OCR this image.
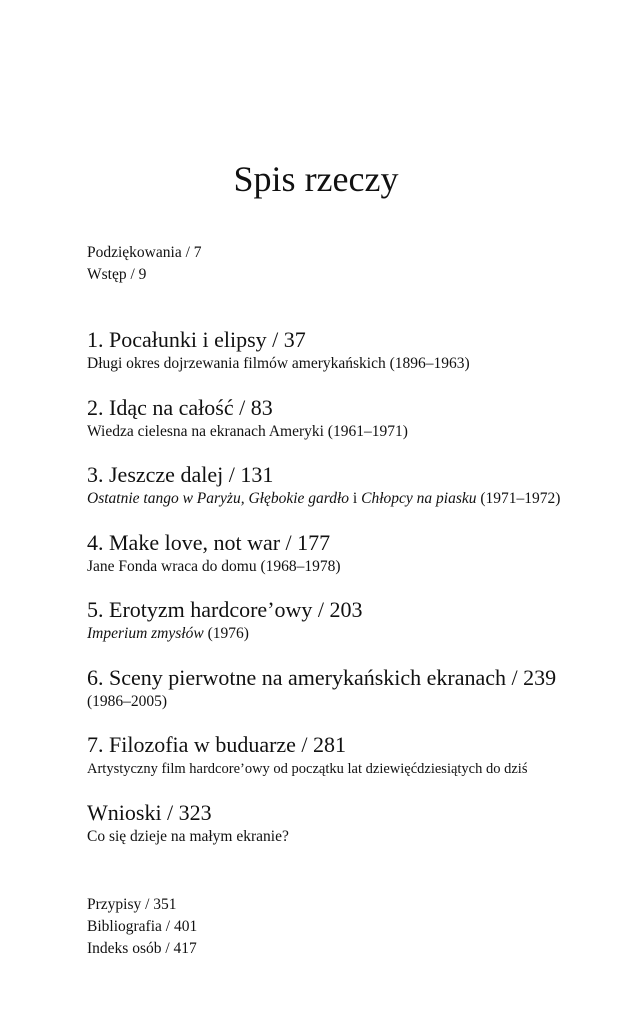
Spis rzeczy
Podziękowania / 7
Wstęp / 9
1. Pocałunki i elipsy / 37
Długi okres dojrzewania filmów amerykańskich (1896–1963)
2. Idąc na całość / 83
Wiedza cielesna na ekranach Ameryki (1961–1971)
3. Jeszcze dalej / 131
Ostatnie tango w Paryżu, Głębokie gardło i Chłopcy na piasku (1971–1972)
4. Make love, not war / 177
Jane Fonda wraca do domu (1968–1978)
5. Erotyzm hardcore’owy / 203
Imperium zmysłów (1976)
6. Sceny pierwotne na amerykańskich ekranach / 239
(1986–2005)
7. Filozofia w buduarze / 281
Artystyczny film hardcore’owy od początku lat dziewięćdziesiątych do dziś
Wnioski / 323
Co się dzieje na małym ekranie?
Przypisy / 351
Bibliografia / 401
Indeks osób / 417
